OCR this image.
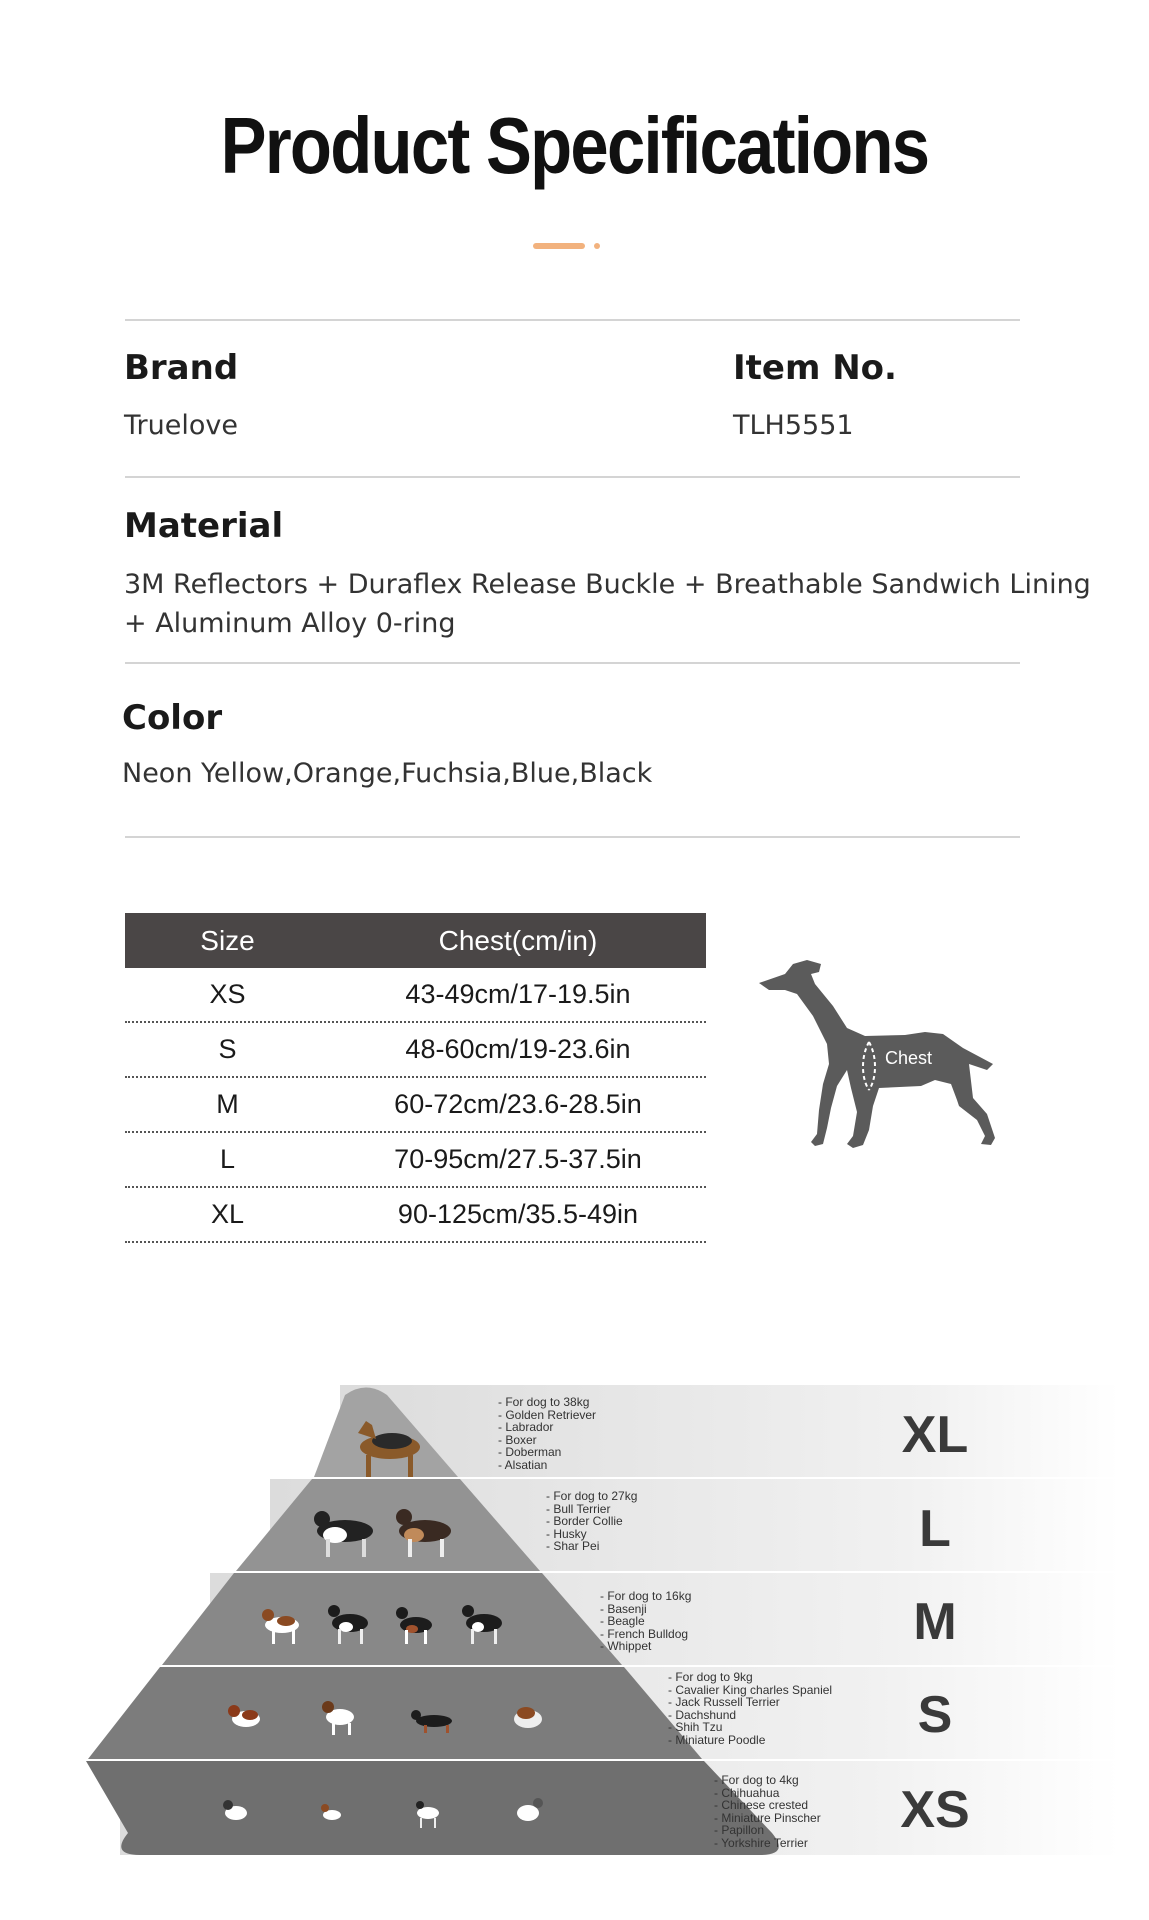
Product Specifications
Brand
Truelove
Item No.
TLH5551
Material
3M Reflectors + Duraflex Release Buckle + Breathable Sandwich Lining
+ Aluminum Alloy 0-ring
Color
Neon Yellow,Orange,Fuchsia,Blue,Black
Size	Chest(cm/in)
XS	43-49cm/17-19.5in
S	48-60cm/19-23.6in
M	60-72cm/23.6-28.5in
L	70-95cm/27.5-37.5in
XL	90-125cm/35.5-49in
Chest
- For dog to 38kg
- Golden Retriever
- Labrador
- Boxer
- Doberman
- Alsatian
XL
- For dog to 27kg
- Bull Terrier
- Border Collie
- Husky
- Shar Pei	L
- For dog to 16kg
- Basenji
- Beagle
- French Bulldog
- Whippet	M
- For dog to 9kg
- Cavalier King charles Spaniel
- Jack Russell Terrier
- Dachshund
- Shih Tzu
- Miniature Poodle	S
- For dog to 4kg
- Chihuahua
- Chinese crested
- Miniature Pinscher
- Papillon
- Yorkshire Terrier
XS
